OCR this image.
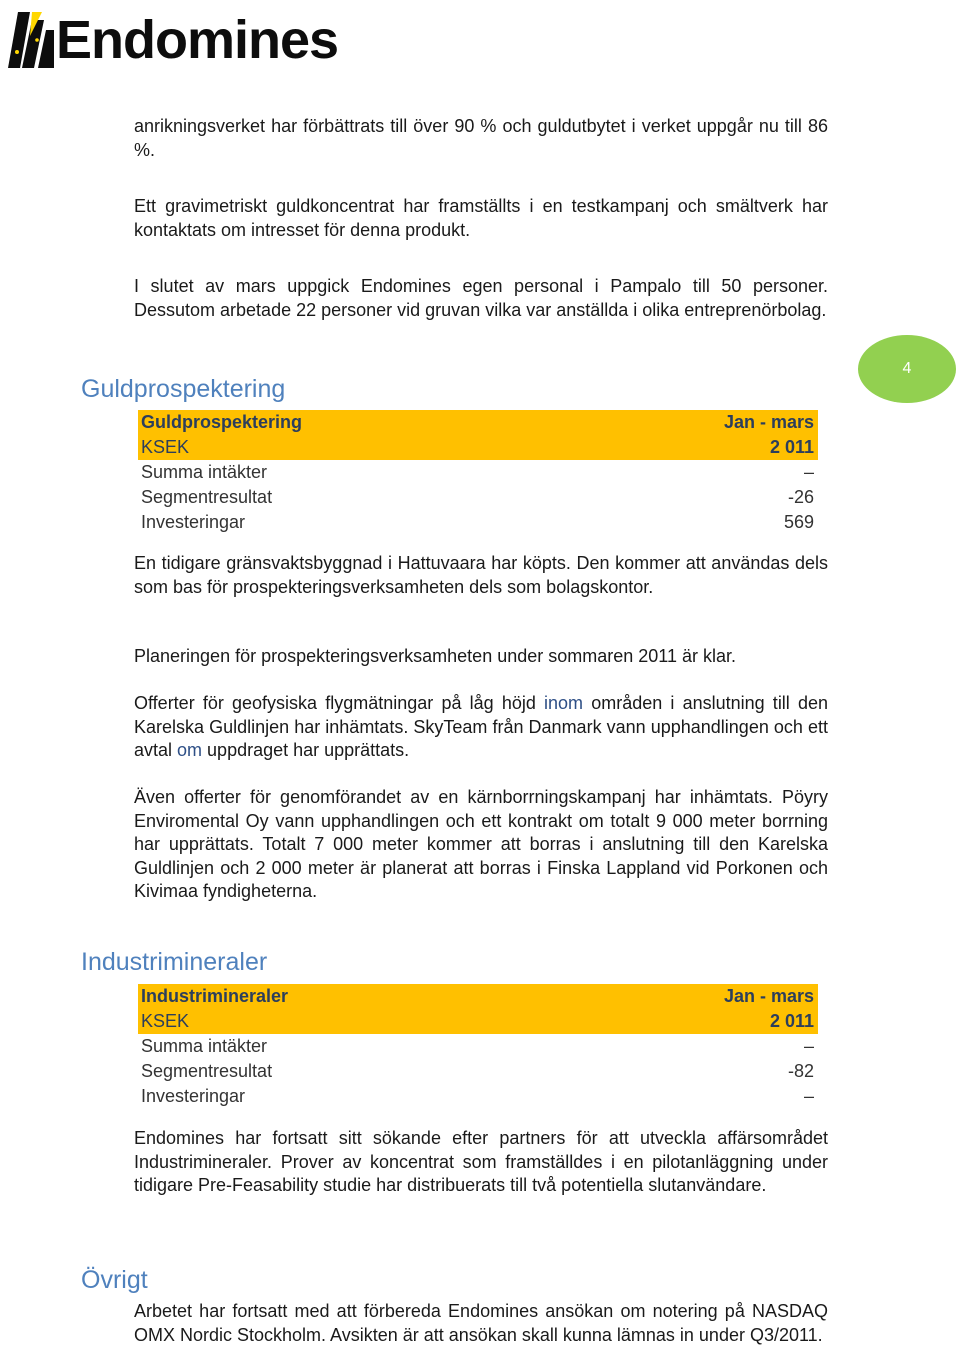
Endomines
4

anrikningsverket har förbättrats till över 90 % och guldutbytet i verket uppgår nu till 86 %.

Ett gravimetriskt guldkoncentrat har framställts i en testkampanj och smältverk har kontaktats om intresset för denna produkt.

I slutet av mars uppgick Endomines egen personal i Pampalo till 50 personer. Dessutom arbetade 22 personer vid gruvan vilka var anställda i olika entreprenörbolag.

Guldprospektering
Guldprospektering	Jan - mars
KSEK	2 011
Summa intäkter	–
Segmentresultat	-26
Investeringar	569

En tidigare gränsvaktsbyggnad i Hattuvaara har köpts. Den kommer att användas dels som bas för prospekteringsverksamheten dels som bolagskontor.

Planeringen för prospekteringsverksamheten under sommaren 2011 är klar.

Offerter för geofysiska flygmätningar på låg höjd inom områden i anslutning till den Karelska Guldlinjen har inhämtats. SkyTeam från Danmark vann upphandlingen och ett avtal om uppdraget har upprättats.

Även offerter för genomförandet av en kärnborrningskampanj har inhämtats. Pöyry Enviromental Oy vann upphandlingen och ett kontrakt om totalt 9 000 meter borrning har upprättats. Totalt 7 000 meter kommer att borras i anslutning till den Karelska Guldlinjen och 2 000 meter är planerat att borras i Finska Lappland vid Porkonen och Kivimaa fyndigheterna.

Industrimineraler
Industrimineraler	Jan - mars
KSEK	2 011
Summa intäkter	–
Segmentresultat	-82
Investeringar	–

Endomines har fortsatt sitt sökande efter partners för att utveckla affärsområdet Industrimineraler. Prover av koncentrat som framställdes i en pilotanläggning under tidigare Pre-Feasability studie har distribuerats till två potentiella slutanvändare.

Övrigt

Arbetet har fortsatt med att förbereda Endomines ansökan om notering på NASDAQ OMX Nordic Stockholm. Avsikten är att ansökan skall kunna lämnas in under Q3/2011.
